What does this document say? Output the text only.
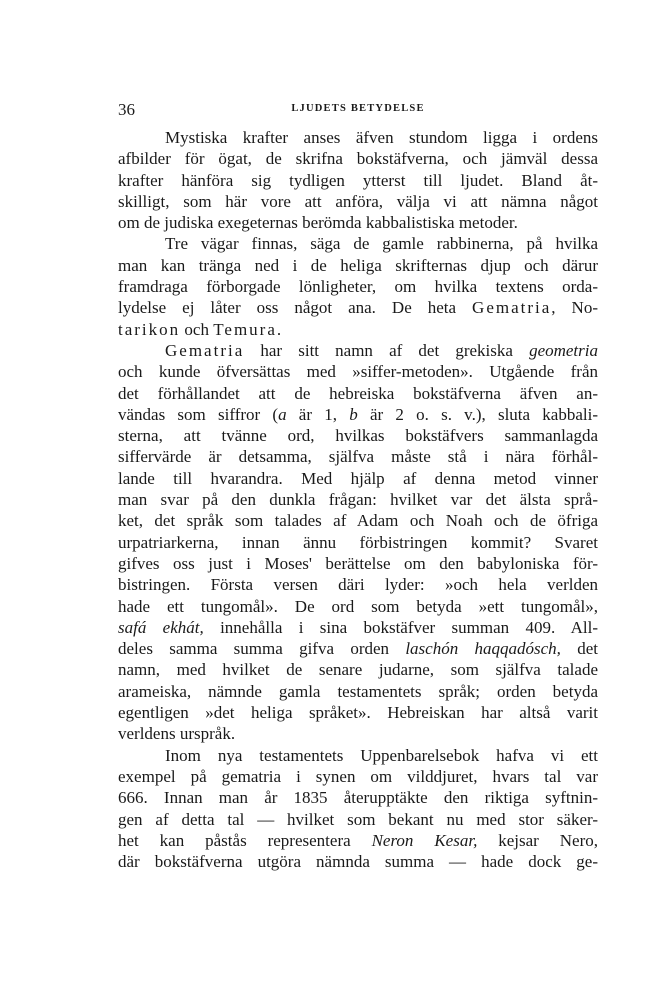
36	LJUDETS BETYDELSE
Mystiska krafter anses äfven stundom ligga i ordens
afbilder för ögat, de skrifna bokstäfverna, och jämväl dessa
krafter hänföra sig tydligen ytterst till ljudet. Bland åt-
skilligt, som här vore att anföra, välja vi att nämna något
om de judiska exegeternas berömda kabbalistiska metoder.
Tre vägar finnas, säga de gamle rabbinerna, på hvilka
man kan tränga ned i de heliga skrifternas djup och därur
framdraga förborgade lönligheter, om hvilka textens orda-
lydelse ej låter oss något ana. De heta Gematria, No-
tarikon och Temura.
Gematria har sitt namn af det grekiska geometria
och kunde öfversättas med »siffer-metoden». Utgående från
det förhållandet att de hebreiska bokstäfverna äfven an-
vändas som siffror (a är 1, b är 2 o. s. v.), sluta kabbali-
sterna, att tvänne ord, hvilkas bokstäfvers sammanlagda
siffervärde är detsamma, själfva måste stå i nära förhål-
lande till hvarandra. Med hjälp af denna metod vinner
man svar på den dunkla frågan: hvilket var det älsta språ-
ket, det språk som talades af Adam och Noah och de öfriga
urpatriarkerna, innan ännu förbistringen kommit? Svaret
gifves oss just i Moses' berättelse om den babyloniska för-
bistringen. Första versen däri lyder: »och hela verlden
hade ett tungomål». De ord som betyda »ett tungomål»,
safá ekhát, innehålla i sina bokstäfver summan 409. All-
deles samma summa gifva orden laschón haqqadósch, det
namn, med hvilket de senare judarne, som själfva talade
arameiska, nämnde gamla testamentets språk; orden betyda
egentligen »det heliga språket». Hebreiskan har altså varit
verldens urspråk.
Inom nya testamentets Uppenbarelsebok hafva vi ett
exempel på gematria i synen om vilddjuret, hvars tal var
666. Innan man år 1835 återupptäkte den riktiga syftnin-
gen af detta tal — hvilket som bekant nu med stor säker-
het kan påstås representera Neron Kesar, kejsar Nero,
där bokstäfverna utgöra nämnda summa — hade dock ge-
